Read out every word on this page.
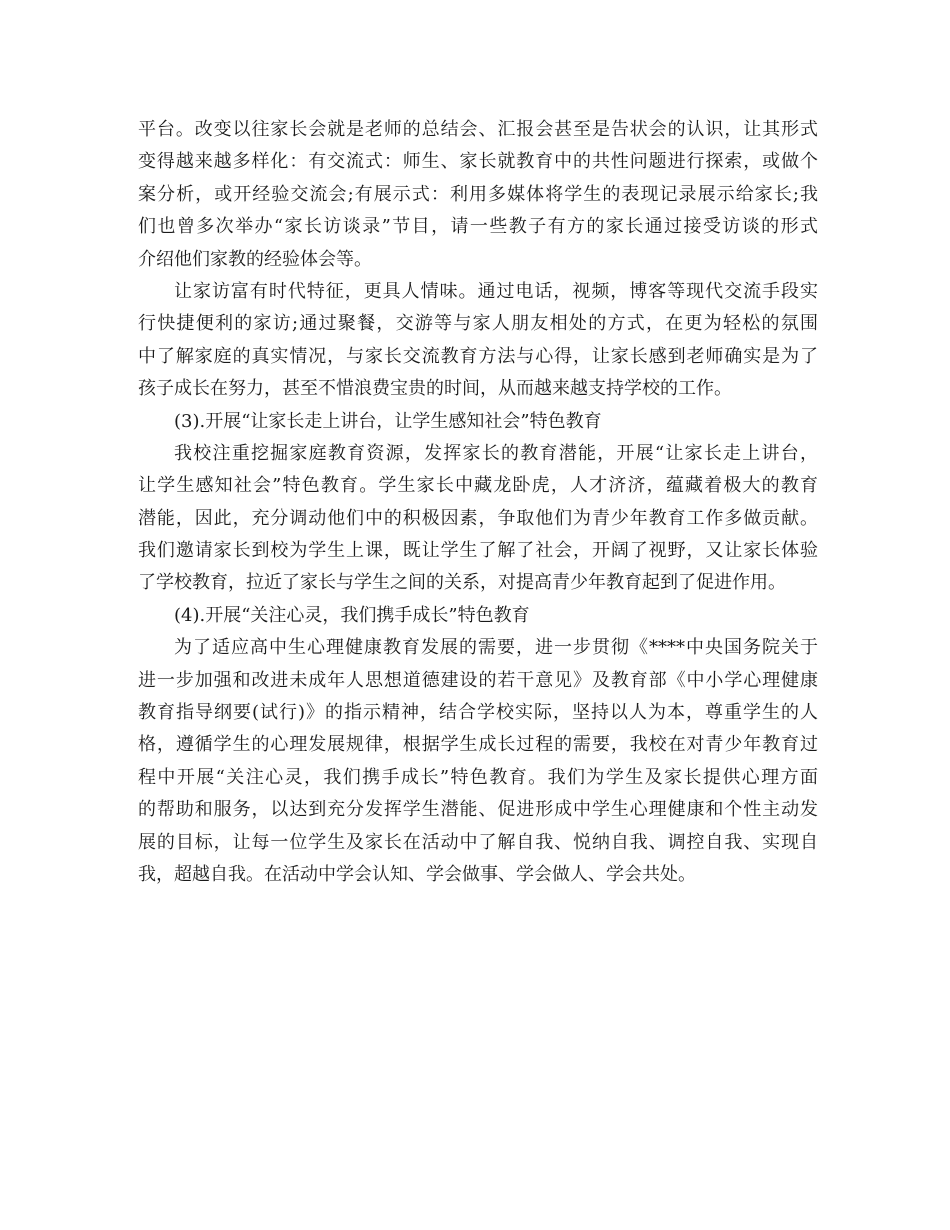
平台。改变以往家长会就是老师的总结会、汇报会甚至是告状会的认识，让其形式
变得越来越多样化：有交流式：师生、家长就教育中的共性问题进行探索，或做个
案分析，或开经验交流会;有展示式：利用多媒体将学生的表现记录展示给家长;我
们也曾多次举办“家长访谈录”节目，请一些教子有方的家长通过接受访谈的形式
介绍他们家教的经验体会等。
让家访富有时代特征，更具人情味。通过电话，视频，博客等现代交流手段实
行快捷便利的家访;通过聚餐，交游等与家人朋友相处的方式，在更为轻松的氛围
中了解家庭的真实情况，与家长交流教育方法与心得，让家长感到老师确实是为了
孩子成长在努力，甚至不惜浪费宝贵的时间，从而越来越支持学校的工作。
(3).开展“让家长走上讲台，让学生感知社会”特色教育
我校注重挖掘家庭教育资源，发挥家长的教育潜能，开展“让家长走上讲台，
让学生感知社会”特色教育。学生家长中藏龙卧虎，人才济济，蕴藏着极大的教育
潜能，因此，充分调动他们中的积极因素，争取他们为青少年教育工作多做贡献。
我们邀请家长到校为学生上课，既让学生了解了社会，开阔了视野，又让家长体验
了学校教育，拉近了家长与学生之间的关系，对提高青少年教育起到了促进作用。
(4).开展“关注心灵，我们携手成长”特色教育
为了适应高中生心理健康教育发展的需要，进一步贯彻《****中央国务院关于
进一步加强和改进未成年人思想道德建设的若干意见》及教育部《中小学心理健康
教育指导纲要(试行)》的指示精神，结合学校实际，坚持以人为本，尊重学生的人
格，遵循学生的心理发展规律，根据学生成长过程的需要，我校在对青少年教育过
程中开展“关注心灵，我们携手成长”特色教育。我们为学生及家长提供心理方面
的帮助和服务，以达到充分发挥学生潜能、促进形成中学生心理健康和个性主动发
展的目标，让每一位学生及家长在活动中了解自我、悦纳自我、调控自我、实现自
我，超越自我。在活动中学会认知、学会做事、学会做人、学会共处。
